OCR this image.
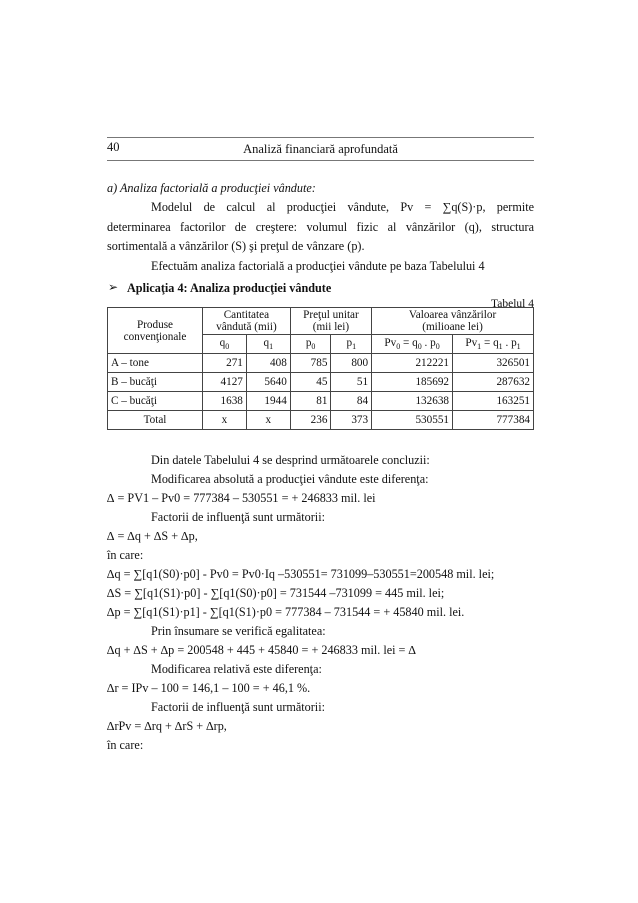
40	Analiză financiară aprofundată
a) Analiza factorială a producţiei vândute:

Modelul de calcul al producţiei vândute, Pv = ∑q(S)·p, permite

determinarea factorilor de creştere: volumul fizic al vânzărilor (q), structura

sortimentală a vânzărilor (S) şi preţul de vânzare (p).

Efectuăm analiza factorială a producţiei vândute pe baza Tabelului 4
➢ Aplicaţia 4: Analiza producţiei vândute
Tabelul 4
Produse
convenţionale	Cantitatea
vândută (mii)		Preţul unitar
(mii lei)		Valoarea vânzărilor
(milioane lei)	
	$q_0$	$q_1$	$p_0$	$p_1$	$Pv_0 = q_0$ . $p_0$	$Pv_1 = q_1$ . $p_1$
A – tone	271	408	785	800	212221	326501
B – bucăţi	4127	5640	45	51	185692	287632
C – bucăţi	1638	1944	81	84	132638	163251
Total	x	x	236	373	530551	777384
Din datele Tabelului 4 se desprind următoarele concluzii:
Modificarea absolută a producţiei vândute este diferenţa:
∆ = PV1 – Pv0 = 777384 – 530551 = + 246833 mil. lei
Factorii de influenţă sunt următorii:
∆ = ∆q + ∆S + ∆p,
în care:
∆q = ∑[q1(S0)·p0] - Pv0 = Pv0·Iq –530551= 731099–530551=200548 mil. lei;
∆S = ∑[q1(S1)·p0] - ∑[q1(S0)·p0] = 731544 –731099 = 445 mil. lei;
∆p = ∑[q1(S1)·p1] - ∑[q1(S1)·p0 = 777384 – 731544 = + 45840 mil. lei.
Prin însumare se verifică egalitatea:
∆q + ∆S + ∆p = 200548 + 445 + 45840 = + 246833 mil. lei = ∆
Modificarea relativă este diferenţa:
∆r = IPv – 100 = 146,1 – 100 = + 46,1 %.
Factorii de influenţă sunt următorii:
∆rPv = ∆rq + ∆rS + ∆rp,
în care:
